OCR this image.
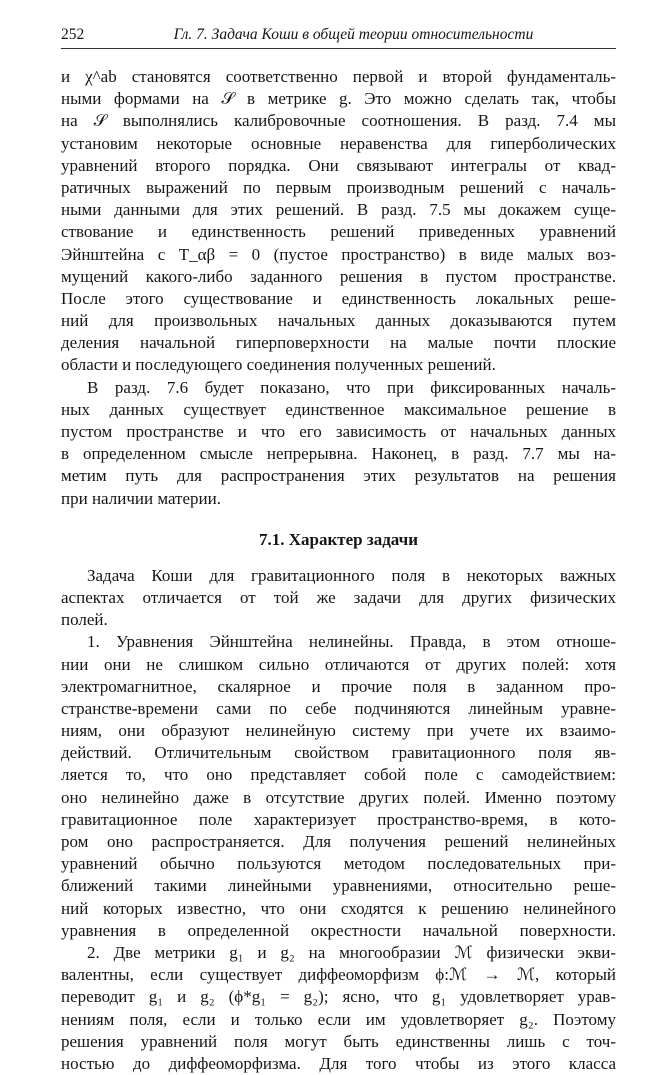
252	Гл. 7. Задача Коши в общей теории относительности
и χ^ab становятся соответственно первой и второй фундаменталь-
ными формами на 𝒮 в метрике g. Это можно сделать так, чтобы
на 𝒮 выполнялись калибровочные соотношения. В разд. 7.4 мы
установим некоторые основные неравенства для гиперболических
уравнений второго порядка. Они связывают интегралы от квад-
ратичных выражений по первым производным решений с началь-
ными данными для этих решений. В разд. 7.5 мы докажем суще-
ствование и единственность решений приведенных уравнений
Эйнштейна с T_αβ = 0 (пустое пространство) в виде малых воз-
мущений какого-либо заданного решения в пустом пространстве.
После этого существование и единственность локальных реше-
ний для произвольных начальных данных доказываются путем
деления начальной гиперповерхности на малые почти плоские
области и последующего соединения полученных решений.
В разд. 7.6 будет показано, что при фиксированных началь-
ных данных существует единственное максимальное решение в
пустом пространстве и что его зависимость от начальных данных
в определенном смысле непрерывна. Наконец, в разд. 7.7 мы на-
метим путь для распространения этих результатов на решения
при наличии материи.
7.1. Характер задачи
Задача Коши для гравитационного поля в некоторых важных
аспектах отличается от той же задачи для других физических
полей.
1. Уравнения Эйнштейна нелинейны. Правда, в этом отноше-
нии они не слишком сильно отличаются от других полей: хотя
электромагнитное, скалярное и прочие поля в заданном про-
странстве-времени сами по себе подчиняются линейным уравне-
ниям, они образуют нелинейную систему при учете их взаимо-
действий. Отличительным свойством гравитационного поля яв-
ляется то, что оно представляет собой поле с самодействием:
оно нелинейно даже в отсутствие других полей. Именно поэтому
гравитационное поле характеризует пространство-время, в кото-
ром оно распространяется. Для получения решений нелинейных
уравнений обычно пользуются методом последовательных при-
ближений такими линейными уравнениями, относительно реше-
ний которых известно, что они сходятся к решению нелинейного
уравнения в определенной окрестности начальной поверхности.
2. Две метрики g₁ и g₂ на многообразии ℳ физически экви-
валентны, если существует диффеоморфизм ϕ:ℳ → ℳ, который
переводит g₁ и g₂ (ϕ*g₁ = g₂); ясно, что g₁ удовлетворяет урав-
нениям поля, если и только если им удовлетворяет g₂. Поэтому
решения уравнений поля могут быть единственны лишь с точ-
ностью до диффеоморфизма. Для того чтобы из этого класса
